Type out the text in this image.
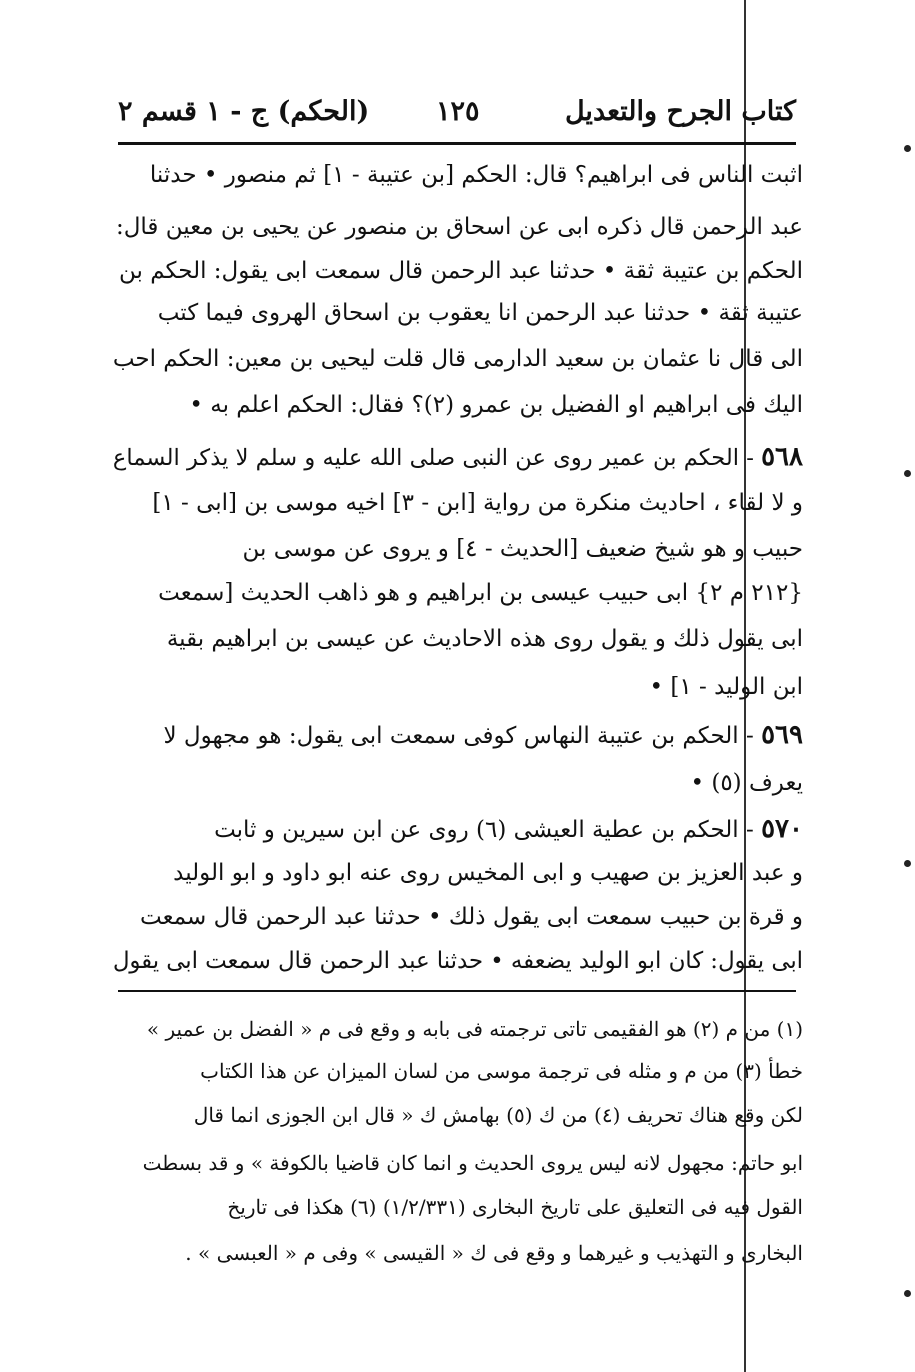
كتاب الجرح والتعديل
١٢٥
(الحكم) ج - ١ قسم ٢
اثبت الناس فى ابراهيم؟ قال: الحكم [بن عتيبة - ١] ثم منصور • حدثنا
عبد الرحمن قال ذكره ابى عن اسحاق بن منصور عن يحيى بن معين قال:
الحكم بن عتيبة ثقة • حدثنا عبد الرحمن قال سمعت ابى يقول: الحكم بن
عتيبة ثقة • حدثنا عبد الرحمن انا يعقوب بن اسحاق الهروى فيما كتب
الى قال نا عثمان بن سعيد الدارمى قال قلت ليحيى بن معين: الحكم احب
اليك فى ابراهيم او الفضيل بن عمرو (٢)؟ فقال: الحكم اعلم به •
٥٦٨ - الحكم بن عمير روى عن النبى صلى الله عليه و سلم لا يذكر السماع
و لا لقاء ، احاديث منكرة من رواية [ابن - ٣] اخيه موسى بن [ابى - ١]
حبيب و هو شيخ ضعيف [الحديث - ٤] و يروى عن موسى بن
{٢١٢ م ٢} ابى حبيب عيسى بن ابراهيم و هو ذاهب الحديث [سمعت
ابى يقول ذلك و يقول روى هذه الاحاديث عن عيسى بن ابراهيم بقية
ابن الوليد - ١] •
٥٦٩ - الحكم بن عتيبة النهاس كوفى سمعت ابى يقول: هو مجهول لا
يعرف (٥) •
٥٧٠ - الحكم بن عطية العيشى (٦) روى عن ابن سيرين و ثابت
و عبد العزيز بن صهيب و ابى المخيس روى عنه ابو داود و ابو الوليد
و قرة بن حبيب سمعت ابى يقول ذلك • حدثنا عبد الرحمن قال سمعت
ابى يقول: كان ابو الوليد يضعفه • حدثنا عبد الرحمن قال سمعت ابى يقول
(١) من م (٢) هو الفقيمى تاتى ترجمته فى بابه و وقع فى م « الفضل بن عمير »
خطأ (٣) من م و مثله فى ترجمة موسى من لسان الميزان عن هذا الكتاب
لكن وقع هناك تحريف (٤) من ك (٥) بهامش ك « قال ابن الجوزى انما قال
ابو حاتم: مجهول لانه ليس يروى الحديث و انما كان قاضيا بالكوفة » و قد بسطت
القول فيه فى التعليق على تاريخ البخارى (١/٢/٣٣١) (٦) هكذا فى تاريخ
البخارى و التهذيب و غيرهما و وقع فى ك « القيسى » وفى م « العبسى » .
